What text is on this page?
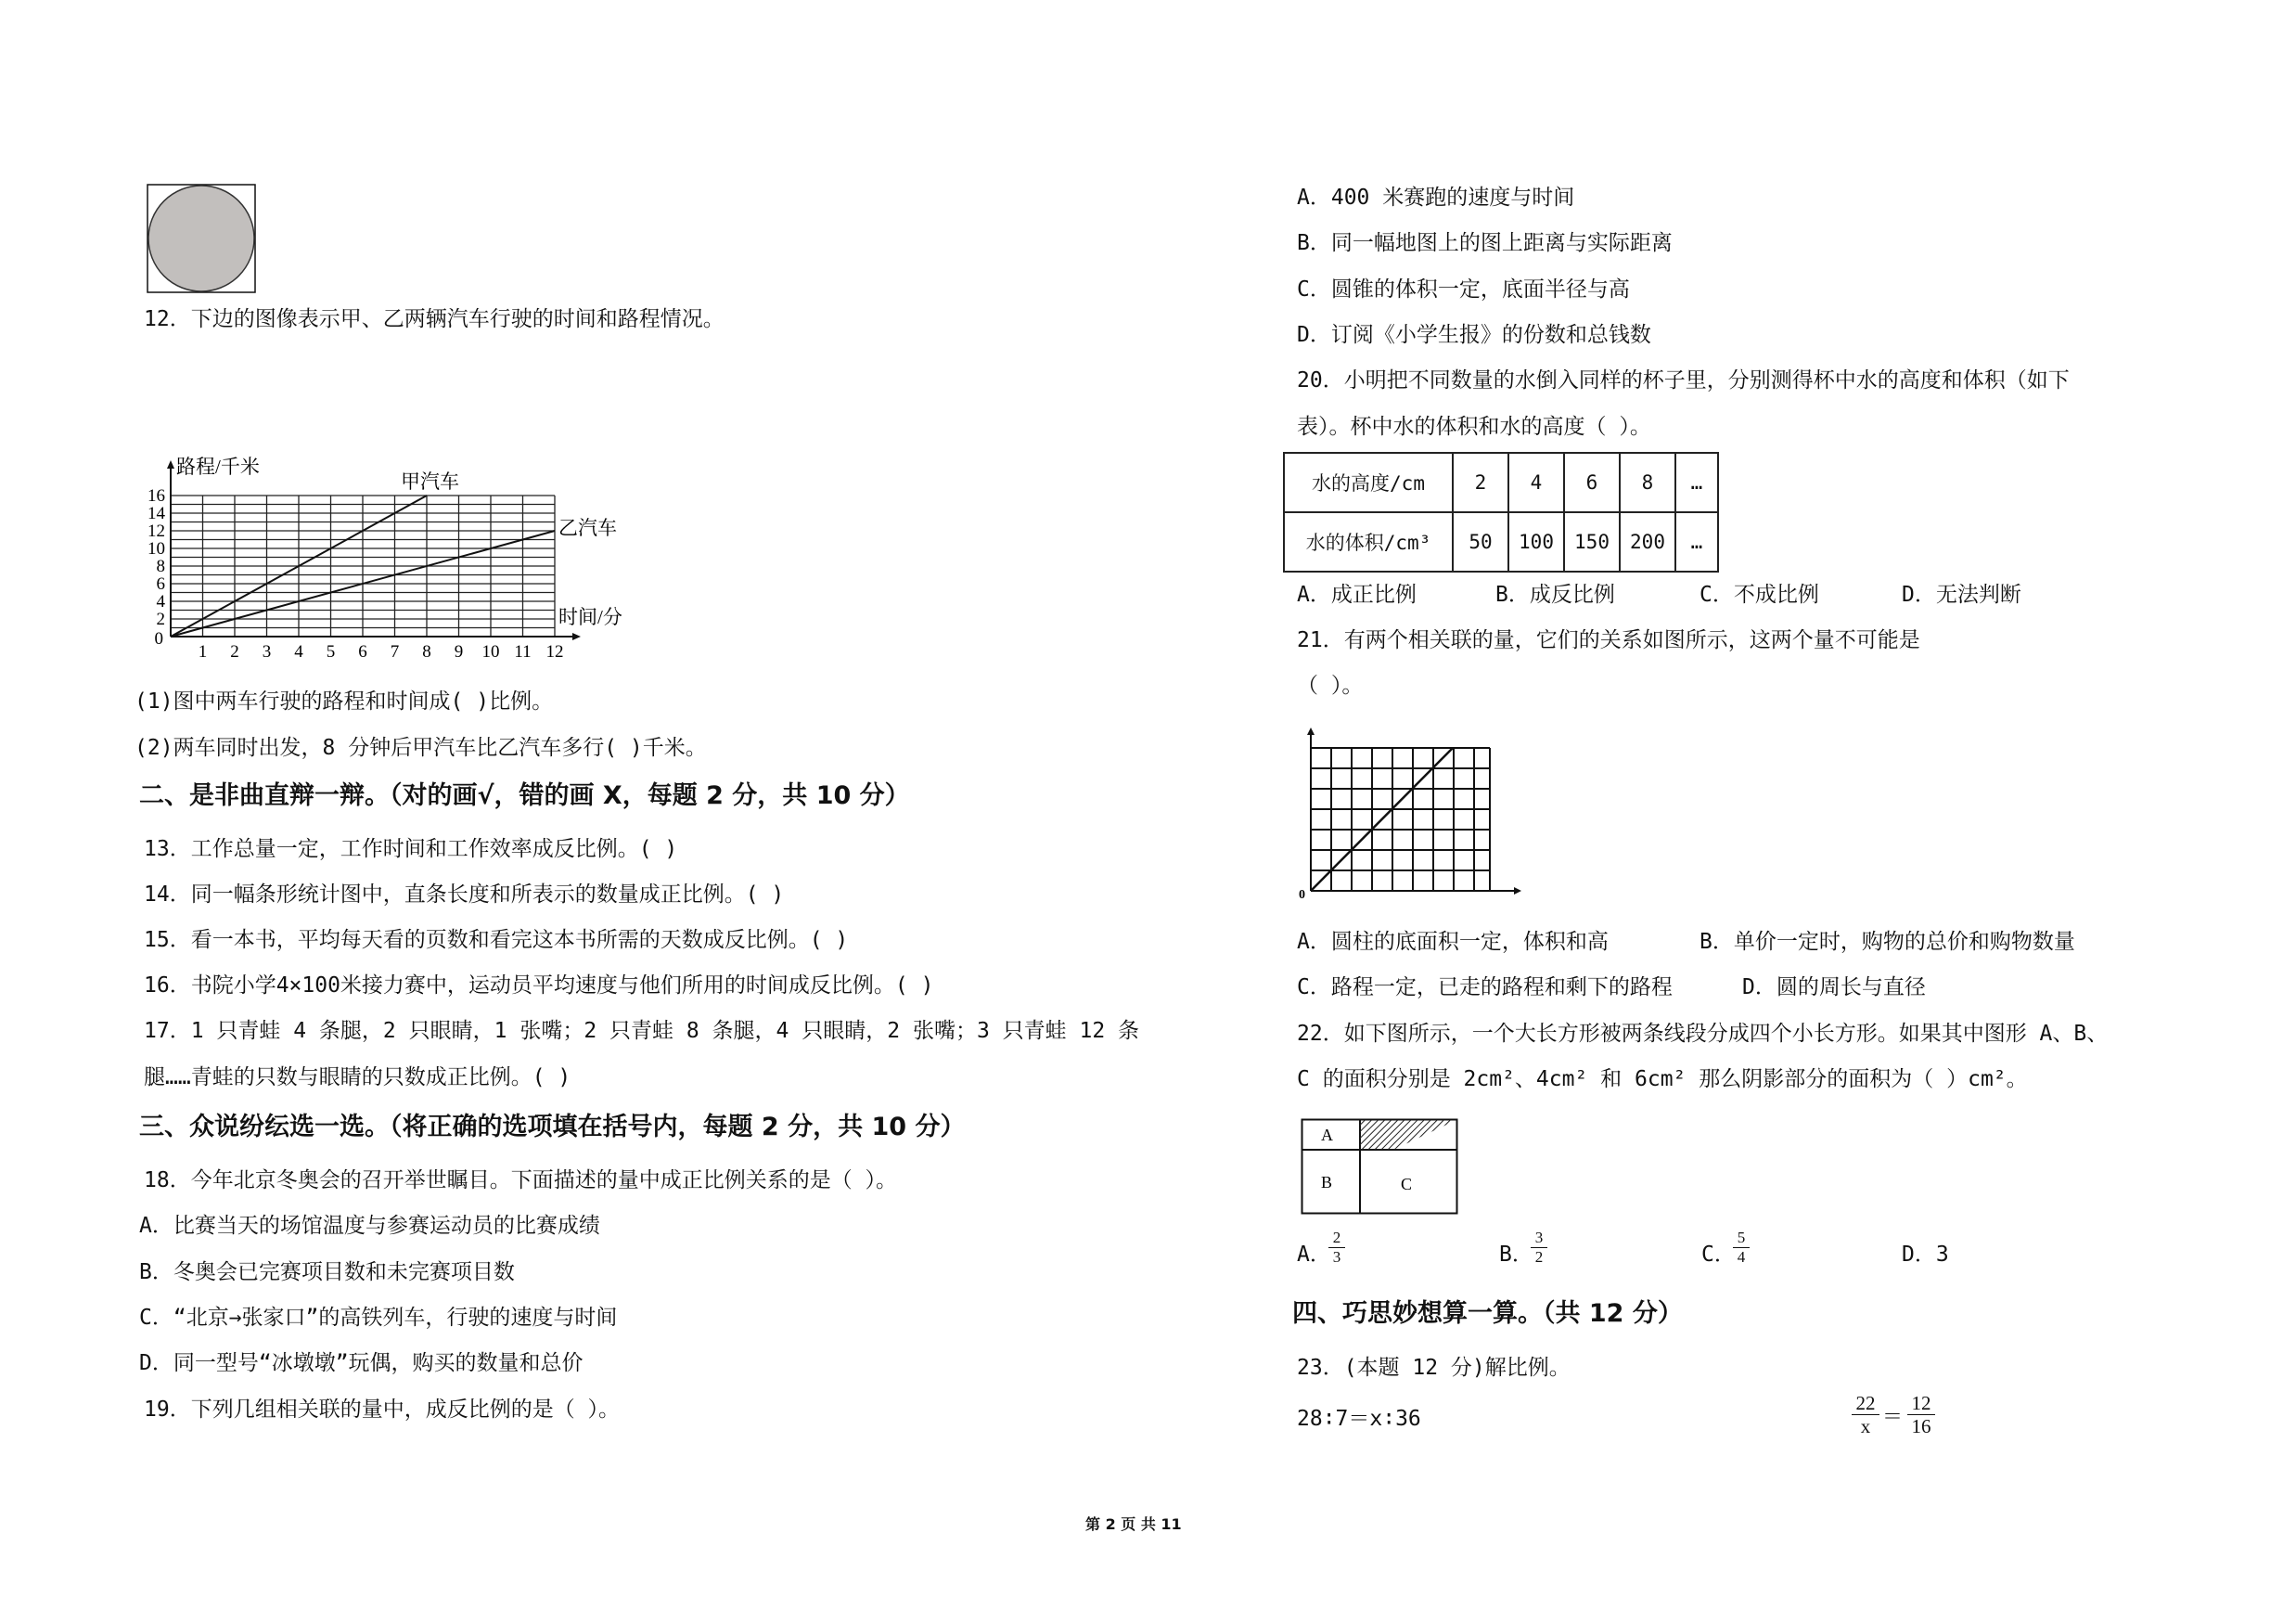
12．下边的图像表示甲、乙两辆汽车行驶的时间和路程情况。
1 2 3 4 5 6 7 8 9 10 11 12
2
4
6
8
10
12
14
16
0
路程/千米
时间/分
甲汽车
乙汽车
(1)图中两车行驶的路程和时间成( )比例。
(2)两车同时出发，8 分钟后甲汽车比乙汽车多行( )千米。
二、是非曲直辩一辩。（对的画√，错的画 X，每题 2 分，共 10 分）
13．工作总量一定，工作时间和工作效率成反比例。( )
14．同一幅条形统计图中，直条长度和所表示的数量成正比例。( )
15．看一本书，平均每天看的页数和看完这本书所需的天数成反比例。( )
16．书院小学4×100米接力赛中，运动员平均速度与他们所用的时间成反比例。( )
17．1 只青蛙 4 条腿，2 只眼睛，1 张嘴；2 只青蛙 8 条腿，4 只眼睛，2 张嘴；3 只青蛙 12 条
腿……青蛙的只数与眼睛的只数成正比例。( )
三、众说纷纭选一选。（将正确的选项填在括号内，每题 2 分，共 10 分）
18．今年北京冬奥会的召开举世瞩目。下面描述的量中成正比例关系的是（ ）。
A．比赛当天的场馆温度与参赛运动员的比赛成绩
B．冬奥会已完赛项目数和未完赛项目数
C．“北京→张家口”的高铁列车，行驶的速度与时间
D．同一型号“冰墩墩”玩偶，购买的数量和总价
19．下列几组相关联的量中，成反比例的是（ ）。
A．400 米赛跑的速度与时间
B．同一幅地图上的图上距离与实际距离
C．圆锥的体积一定，底面半径与高
D．订阅《小学生报》的份数和总钱数
20．小明把不同数量的水倒入同样的杯子里，分别测得杯中水的高度和体积（如下
表）。杯中水的体积和水的高度（ ）。
水的高度/cm	2	4	6	8	…
水的体积/cm³	50	100	150	200	…
A．成正比例	B．成反比例	C．不成比例	D．无法判断
21．有两个相关联的量，它们的关系如图所示，这两个量不可能是
（ ）。
0
A．圆柱的底面积一定，体积和高	B．单价一定时，购物的总价和购物数量
C．路程一定，已走的路程和剩下的路程	D．圆的周长与直径
22．如下图所示，一个大长方形被两条线段分成四个小长方形。如果其中图形 A、B、
C 的面积分别是 2cm²、4cm² 和 6cm² 那么阴影部分的面积为（ ）cm²。
A
B	C
A．
2
3	B．
3
2	C．
5
4	D．3
四、巧思妙想算一算。（共 12 分）
23．(本题 12 分)解比例。
28∶7＝x∶36
22
x ＝
12
16
第 2 页 共 11
